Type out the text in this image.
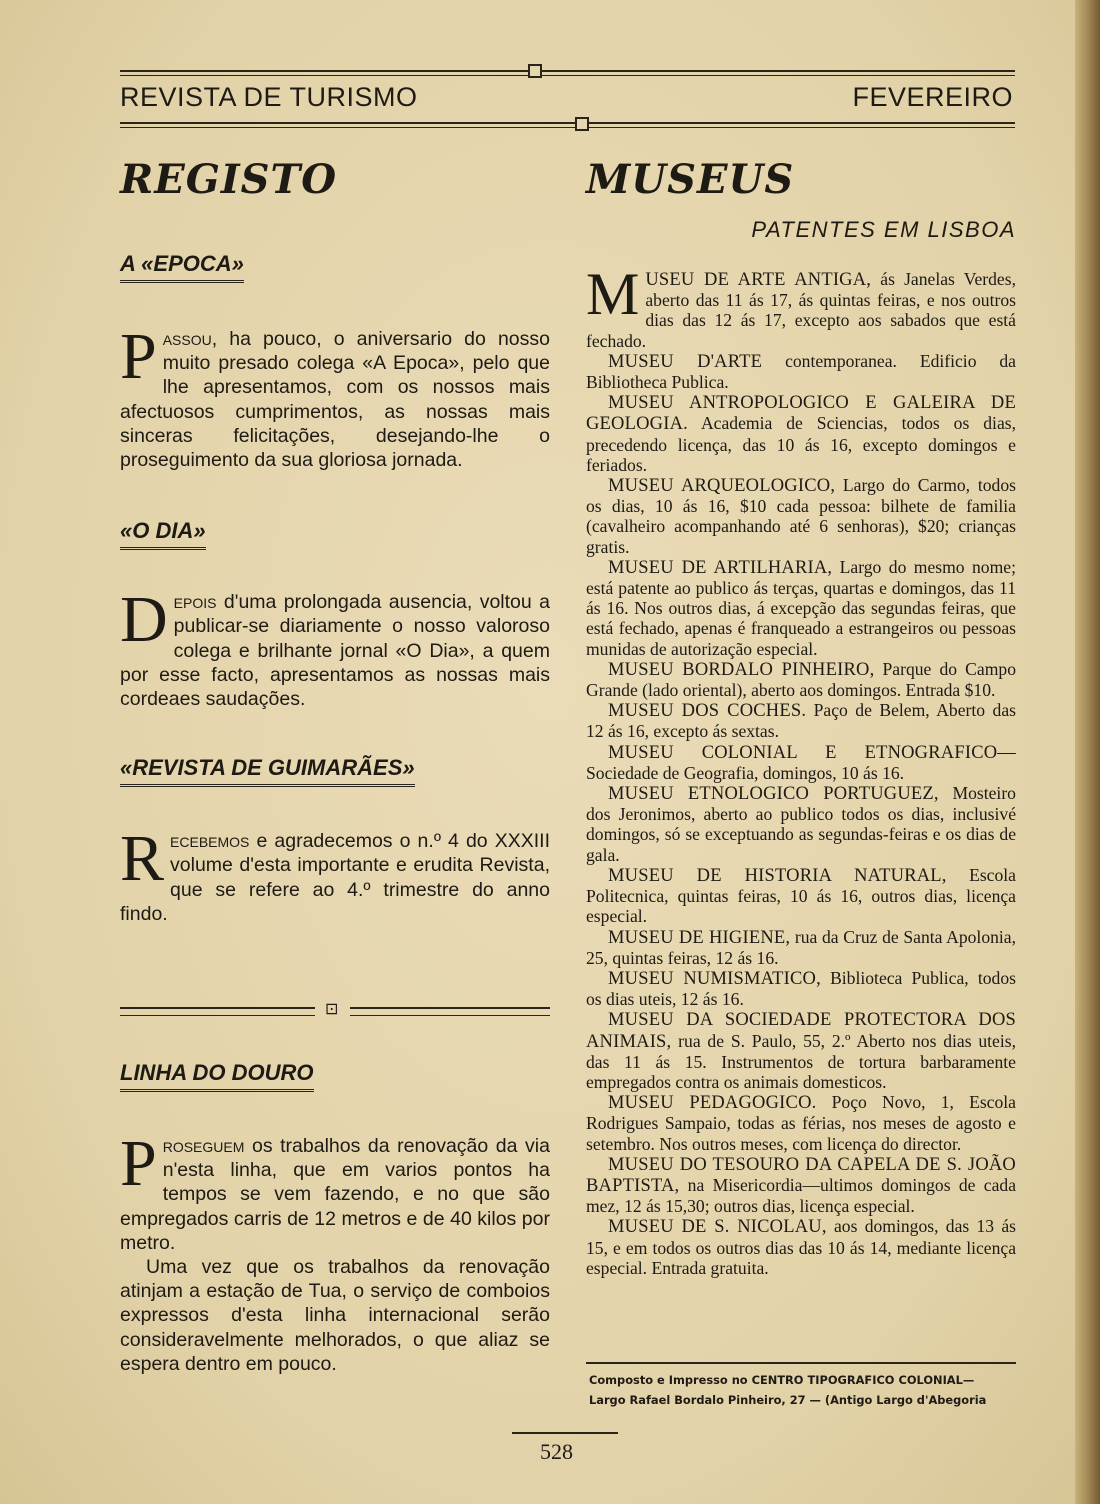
REVISTA DE TURISMO	FEVEREIRO
REGISTO
A «EPOCA»

Passou, ha pouco, o aniversario do nosso muito presado colega «A Epoca», pelo que lhe apresentamos, com os nossos mais afectuosos cumprimentos, as nossas mais sinceras felicitações, desejando-lhe o proseguimento da sua gloriosa jornada.

«O DIA»

Depois d'uma prolongada ausencia, voltou a publicar-se diariamente o nosso valoroso colega e brilhante jornal «O Dia», a quem por esse facto, apresentamos as nossas mais cordeaes saudações.

«REVISTA DE GUIMARÃES»

Recebemos e agradecemos o n.º 4 do XXXIII volume d'esta importante e erudita Revista, que se refere ao 4.º trimestre do anno findo.

⊡
LINHA DO DOURO

Proseguem os trabalhos da renovação da via n'esta linha, que em varios pontos ha tempos se vem fazendo, e no que são empregados carris de 12 metros e de 40 kilos por metro.

Uma vez que os trabalhos da renovação atinjam a estação de Tua, o serviço de comboios expressos d'esta linha internacional serão consideravelmente melhorados, o que aliaz se espera dentro em pouco.

MUSEUS
PATENTES EM LISBOA

MUSEU DE ARTE ANTIGA, ás Janelas Verdes, aberto das 11 ás 17, ás quintas feiras, e nos outros dias das 12 ás 17, excepto aos sabados que está fechado.

MUSEU D'ARTE contemporanea. Edificio da Bibliotheca Publica.

MUSEU ANTROPOLOGICO E GALEIRA DE GEOLOGIA. Academia de Sciencias, todos os dias, precedendo licença, das 10 ás 16, excepto domingos e feriados.

MUSEU ARQUEOLOGICO, Largo do Carmo, todos os dias, 10 ás 16, $10 cada pessoa: bilhete de familia (cavalheiro acompanhando até 6 senhoras), $20; crianças gratis.

MUSEU DE ARTILHARIA, Largo do mesmo nome; está patente ao publico ás terças, quartas e domingos, das 11 ás 16. Nos outros dias, á excepção das segundas feiras, que está fechado, apenas é franqueado a estrangeiros ou pessoas munidas de autorização especial.

MUSEU BORDALO PINHEIRO, Parque do Campo Grande (lado oriental), aberto aos domingos. Entrada $10.

MUSEU DOS COCHES. Paço de Belem, Aberto das 12 ás 16, excepto ás sextas.

MUSEU COLONIAL E ETNOGRAFICO—Sociedade de Geografia, domingos, 10 ás 16.

MUSEU ETNOLOGICO PORTUGUEZ, Mosteiro dos Jeronimos, aberto ao publico todos os dias, inclusivé domingos, só se exceptuando as segundas-feiras e os dias de gala.

MUSEU DE HISTORIA NATURAL, Escola Politecnica, quintas feiras, 10 ás 16, outros dias, licença especial.

MUSEU DE HIGIENE, rua da Cruz de Santa Apolonia, 25, quintas feiras, 12 ás 16.

MUSEU NUMISMATICO, Biblioteca Publica, todos os dias uteis, 12 ás 16.

MUSEU DA SOCIEDADE PROTECTORA DOS ANIMAIS, rua de S. Paulo, 55, 2.º Aberto nos dias uteis, das 11 ás 15. Instrumentos de tortura barbaramente empregados contra os animais domesticos.

MUSEU PEDAGOGICO. Poço Novo, 1, Escola Rodrigues Sampaio, todas as férias, nos meses de agosto e setembro. Nos outros meses, com licença do director.

MUSEU DO TESOURO DA CAPELA DE S. JOÃO BAPTISTA, na Misericordia—ultimos domingos de cada mez, 12 ás 15,30; outros dias, licença especial.

MUSEU DE S. NICOLAU, aos domingos, das 13 ás 15, e em todos os outros dias das 10 ás 14, mediante licença especial. Entrada gratuita.

Composto e Impresso no CENTRO TIPOGRAFICO COLONIAL—
Largo Rafael Bordalo Pinheiro, 27 — (Antigo Largo d'Abegoria
528
